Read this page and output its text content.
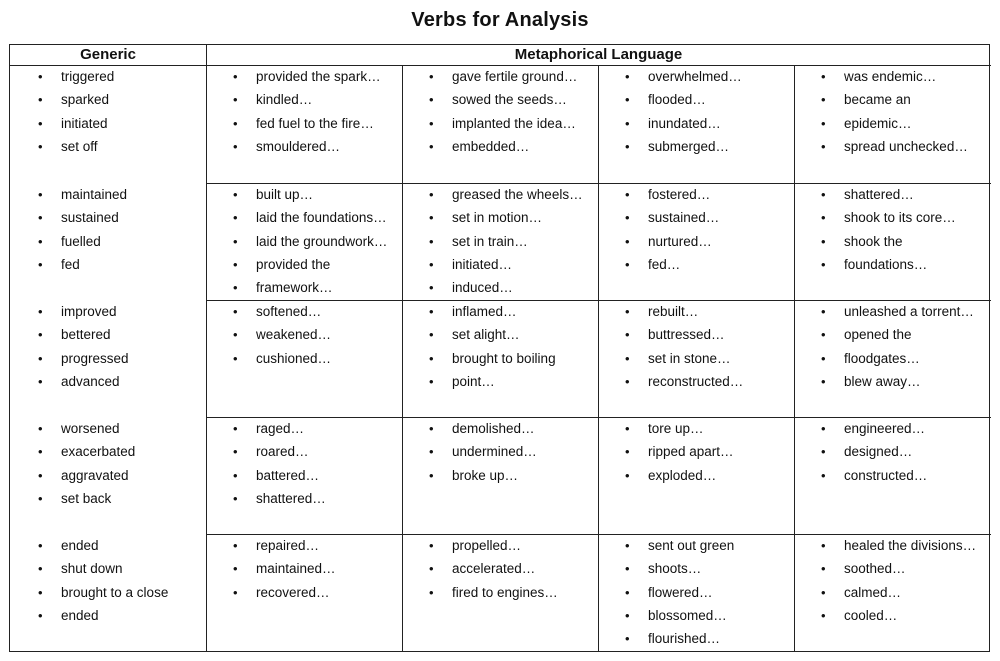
Verbs for Analysis
Generic	Metaphorical Language
• triggered
• sparked
• initiated
• set off
• provided the spark…
• kindled…
• fed fuel to the fire…
• smouldered…
• gave fertile ground…
• sowed the seeds…
• implanted the idea…
• embedded…
• overwhelmed…
• flooded…
• inundated…
• submerged…
• was endemic…
• became an
• epidemic…
• spread unchecked…
• maintained
• sustained
• fuelled
• fed
• built up…
• laid the foundations…
• laid the groundwork…
• provided the
• framework…
• greased the wheels…
• set in motion…
• set in train…
• initiated…
• induced…
• fostered…
• sustained…
• nurtured…
• fed…
• shattered…
• shook to its core…
• shook the
• foundations…
• improved
• bettered
• progressed
• advanced
• softened…
• weakened…
• cushioned…
• inflamed…
• set alight…
• brought to boiling
• point…
• rebuilt…
• buttressed…
• set in stone…
• reconstructed…
• unleashed a torrent…
• opened the
• floodgates…
• blew away…
• worsened
• exacerbated
• aggravated
• set back
• raged…
• roared…
• battered…
• shattered…
• demolished…
• undermined…
• broke up…
• tore up…
• ripped apart…
• exploded…
• engineered…
• designed…
• constructed…
• ended
• shut down
• brought to a close
• ended
• repaired…
• maintained…
• recovered…
• propelled…
• accelerated…
• fired to engines…
• sent out green
• shoots…
• flowered…
• blossomed…
• flourished…
• healed the divisions…
• soothed…
• calmed…
• cooled…
